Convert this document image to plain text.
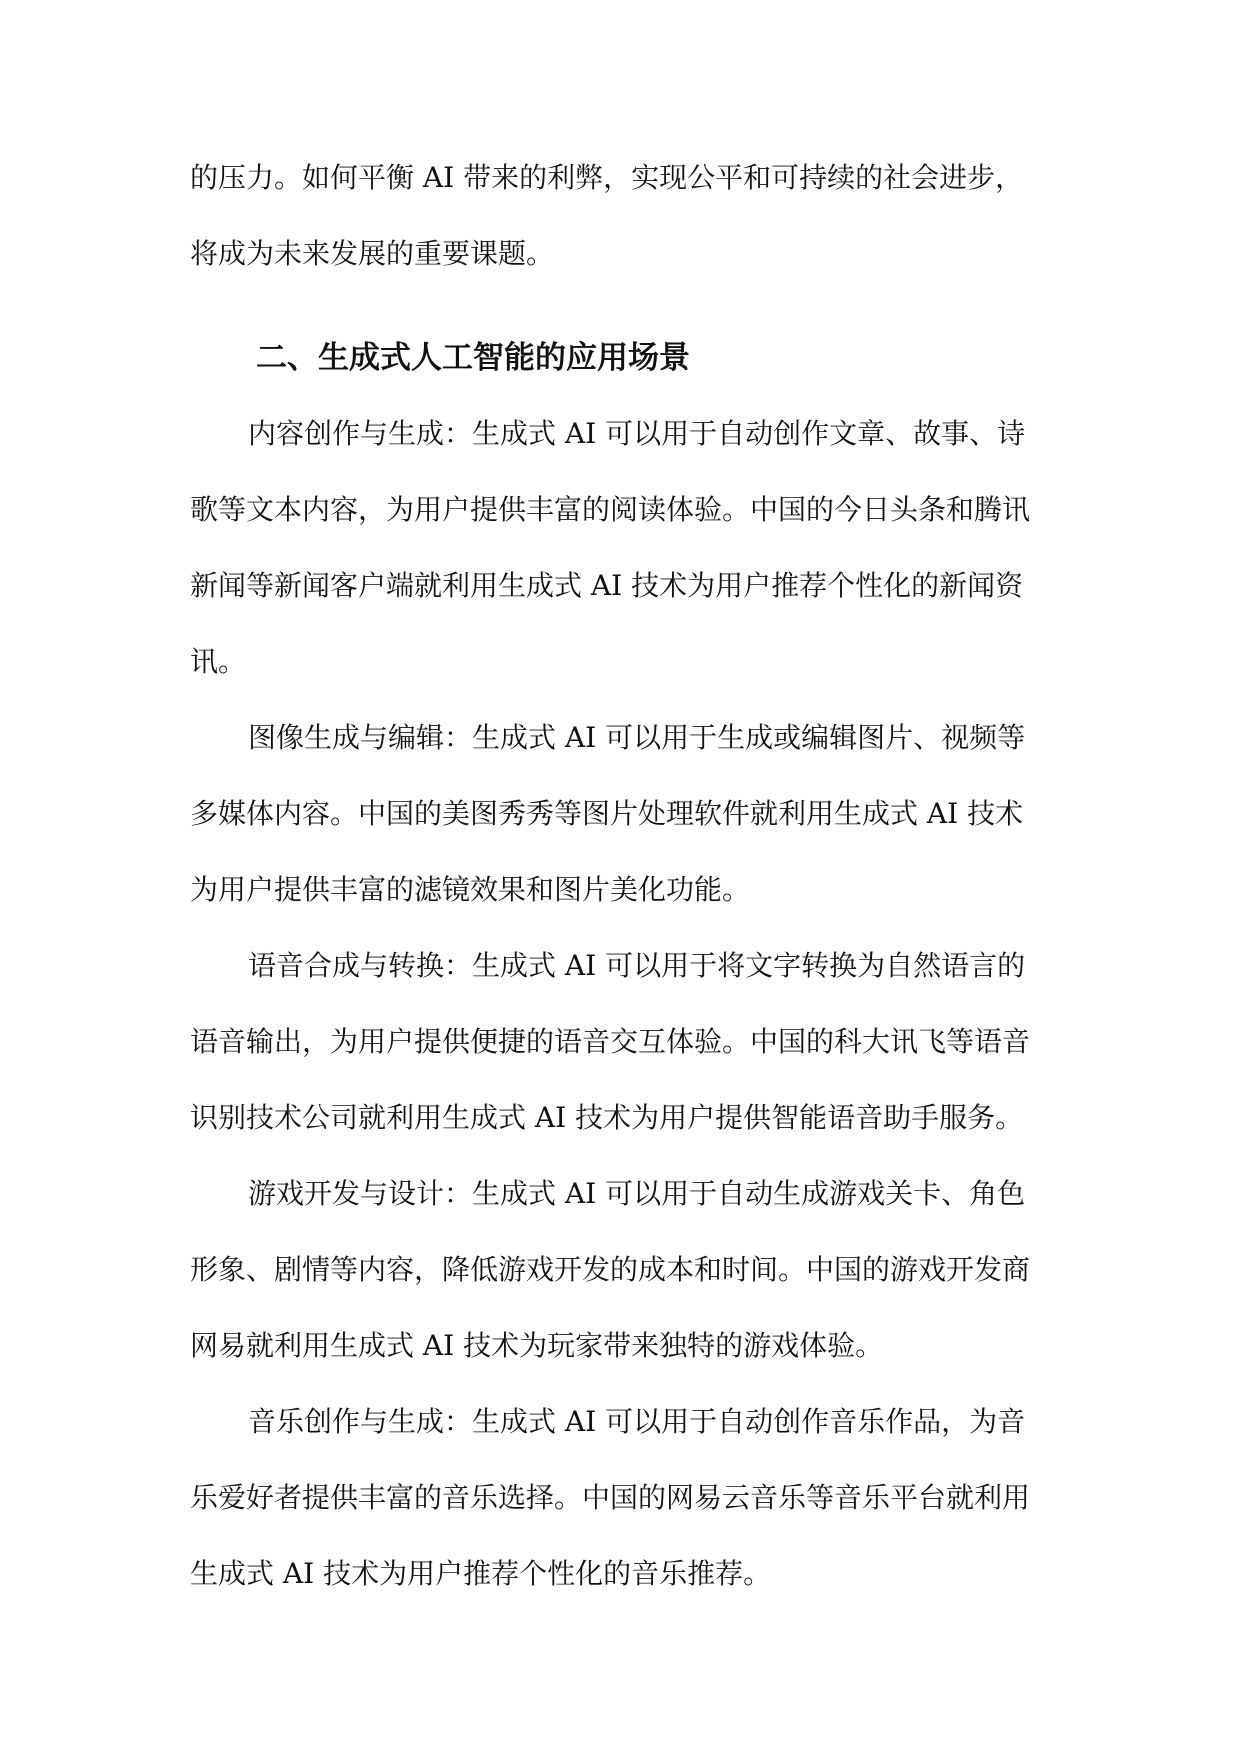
的压力。如何平衡 AI 带来的利弊，实现公平和可持续的社会进步，将成为未来发展的重要课题。

二、生成式人工智能的应用场景

内容创作与生成：生成式 AI 可以用于自动创作文章、故事、诗歌等文本内容，为用户提供丰富的阅读体验。中国的今日头条和腾讯新闻等新闻客户端就利用生成式 AI 技术为用户推荐个性化的新闻资讯。

图像生成与编辑：生成式 AI 可以用于生成或编辑图片、视频等多媒体内容。中国的美图秀秀等图片处理软件就利用生成式 AI 技术为用户提供丰富的滤镜效果和图片美化功能。

语音合成与转换：生成式 AI 可以用于将文字转换为自然语言的语音输出，为用户提供便捷的语音交互体验。中国的科大讯飞等语音识别技术公司就利用生成式 AI 技术为用户提供智能语音助手服务。

游戏开发与设计：生成式 AI 可以用于自动生成游戏关卡、角色形象、剧情等内容，降低游戏开发的成本和时间。中国的游戏开发商网易就利用生成式 AI 技术为玩家带来独特的游戏体验。

音乐创作与生成：生成式 AI 可以用于自动创作音乐作品，为音乐爱好者提供丰富的音乐选择。中国的网易云音乐等音乐平台就利用生成式 AI 技术为用户推荐个性化的音乐推荐。
